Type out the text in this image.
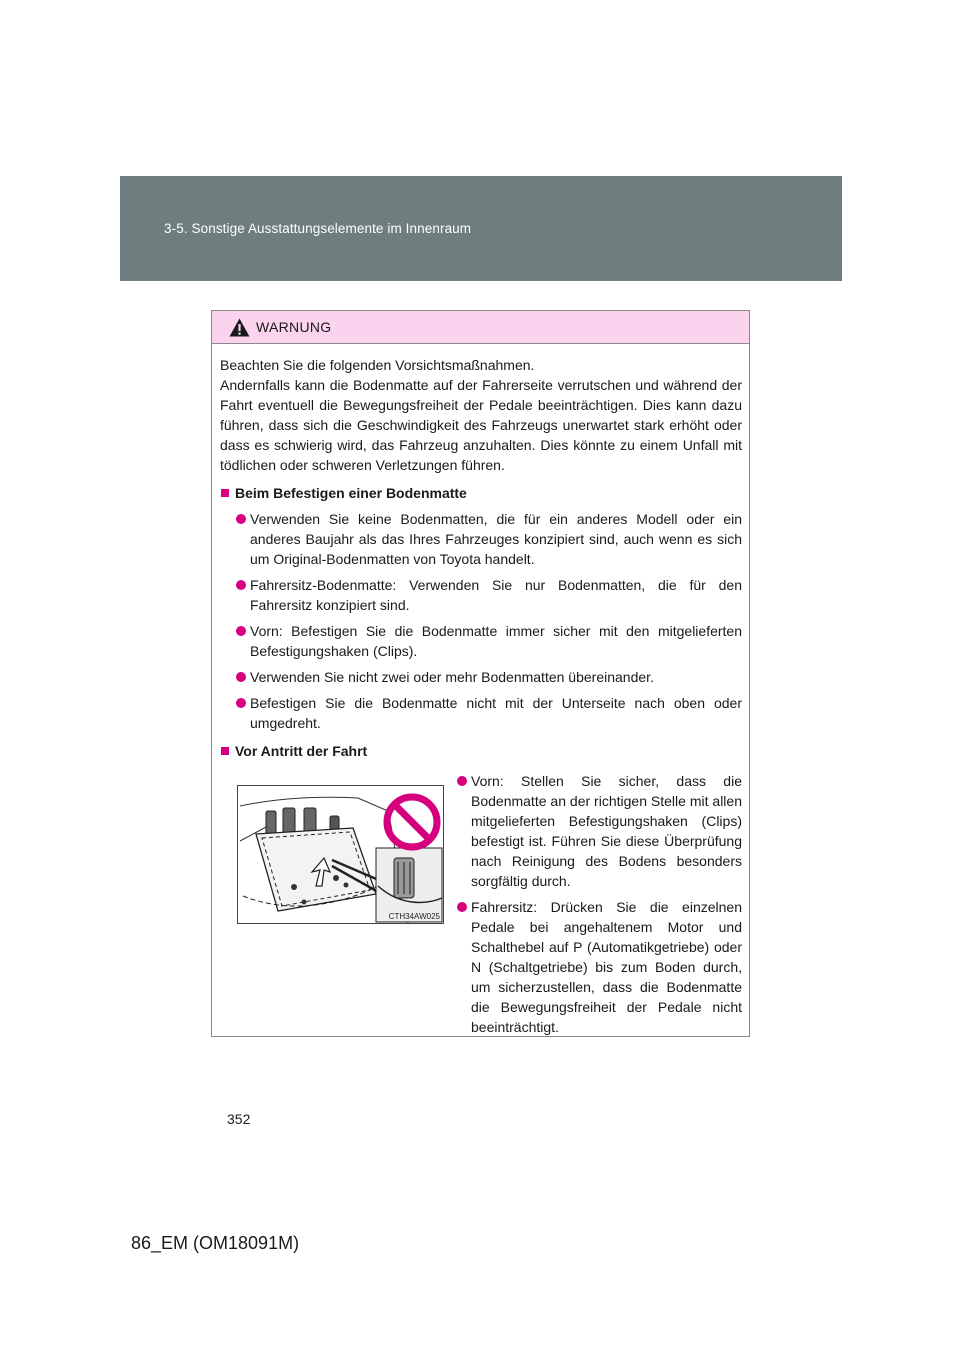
3-5. Sonstige Ausstattungselemente im Innenraum
WARNUNG

Beachten Sie die folgenden Vorsichtsmaßnahmen.

Andernfalls kann die Bodenmatte auf der Fahrerseite verrutschen und während der Fahrt eventuell die Bewegungsfreiheit der Pedale beeinträchtigen. Dies kann dazu führen, dass sich die Geschwindigkeit des Fahrzeugs unerwartet stark erhöht oder dass es schwierig wird, das Fahrzeug anzuhalten. Dies könnte zu einem Unfall mit tödlichen oder schweren Verletzungen führen.

Beim Befestigen einer Bodenmatte
Verwenden Sie keine Bodenmatten, die für ein anderes Modell oder ein anderes Baujahr als das Ihres Fahrzeuges konzipiert sind, auch wenn es sich um Original-Bodenmatten von Toyota handelt.
Fahrersitz-Bodenmatte: Verwenden Sie nur Bodenmatten, die für den Fahrersitz konzipiert sind.
Vorn: Befestigen Sie die Bodenmatte immer sicher mit den mitgelieferten Befestigungshaken (Clips).
Verwenden Sie nicht zwei oder mehr Bodenmatten übereinander.
Befestigen Sie die Bodenmatte nicht mit der Unterseite nach oben oder umgedreht.
Vor Antritt der Fahrt
CTH34AW025
Vorn: Stellen Sie sicher, dass die Bodenmatte an der richtigen Stelle mit allen mitgelieferten Befestigungshaken (Clips) befestigt ist. Führen Sie diese Überprüfung nach Reinigung des Bodens besonders sorgfältig durch.
Fahrersitz: Drücken Sie die einzelnen Pedale bei angehaltenem Motor und Schalthebel auf P (Automatikgetriebe) oder N (Schaltgetriebe) bis zum Boden durch, um sicherzustellen, dass die Bodenmatte die Bewegungsfreiheit der Pedale nicht beeinträchtigt.
352
86_EM (OM18091M)
